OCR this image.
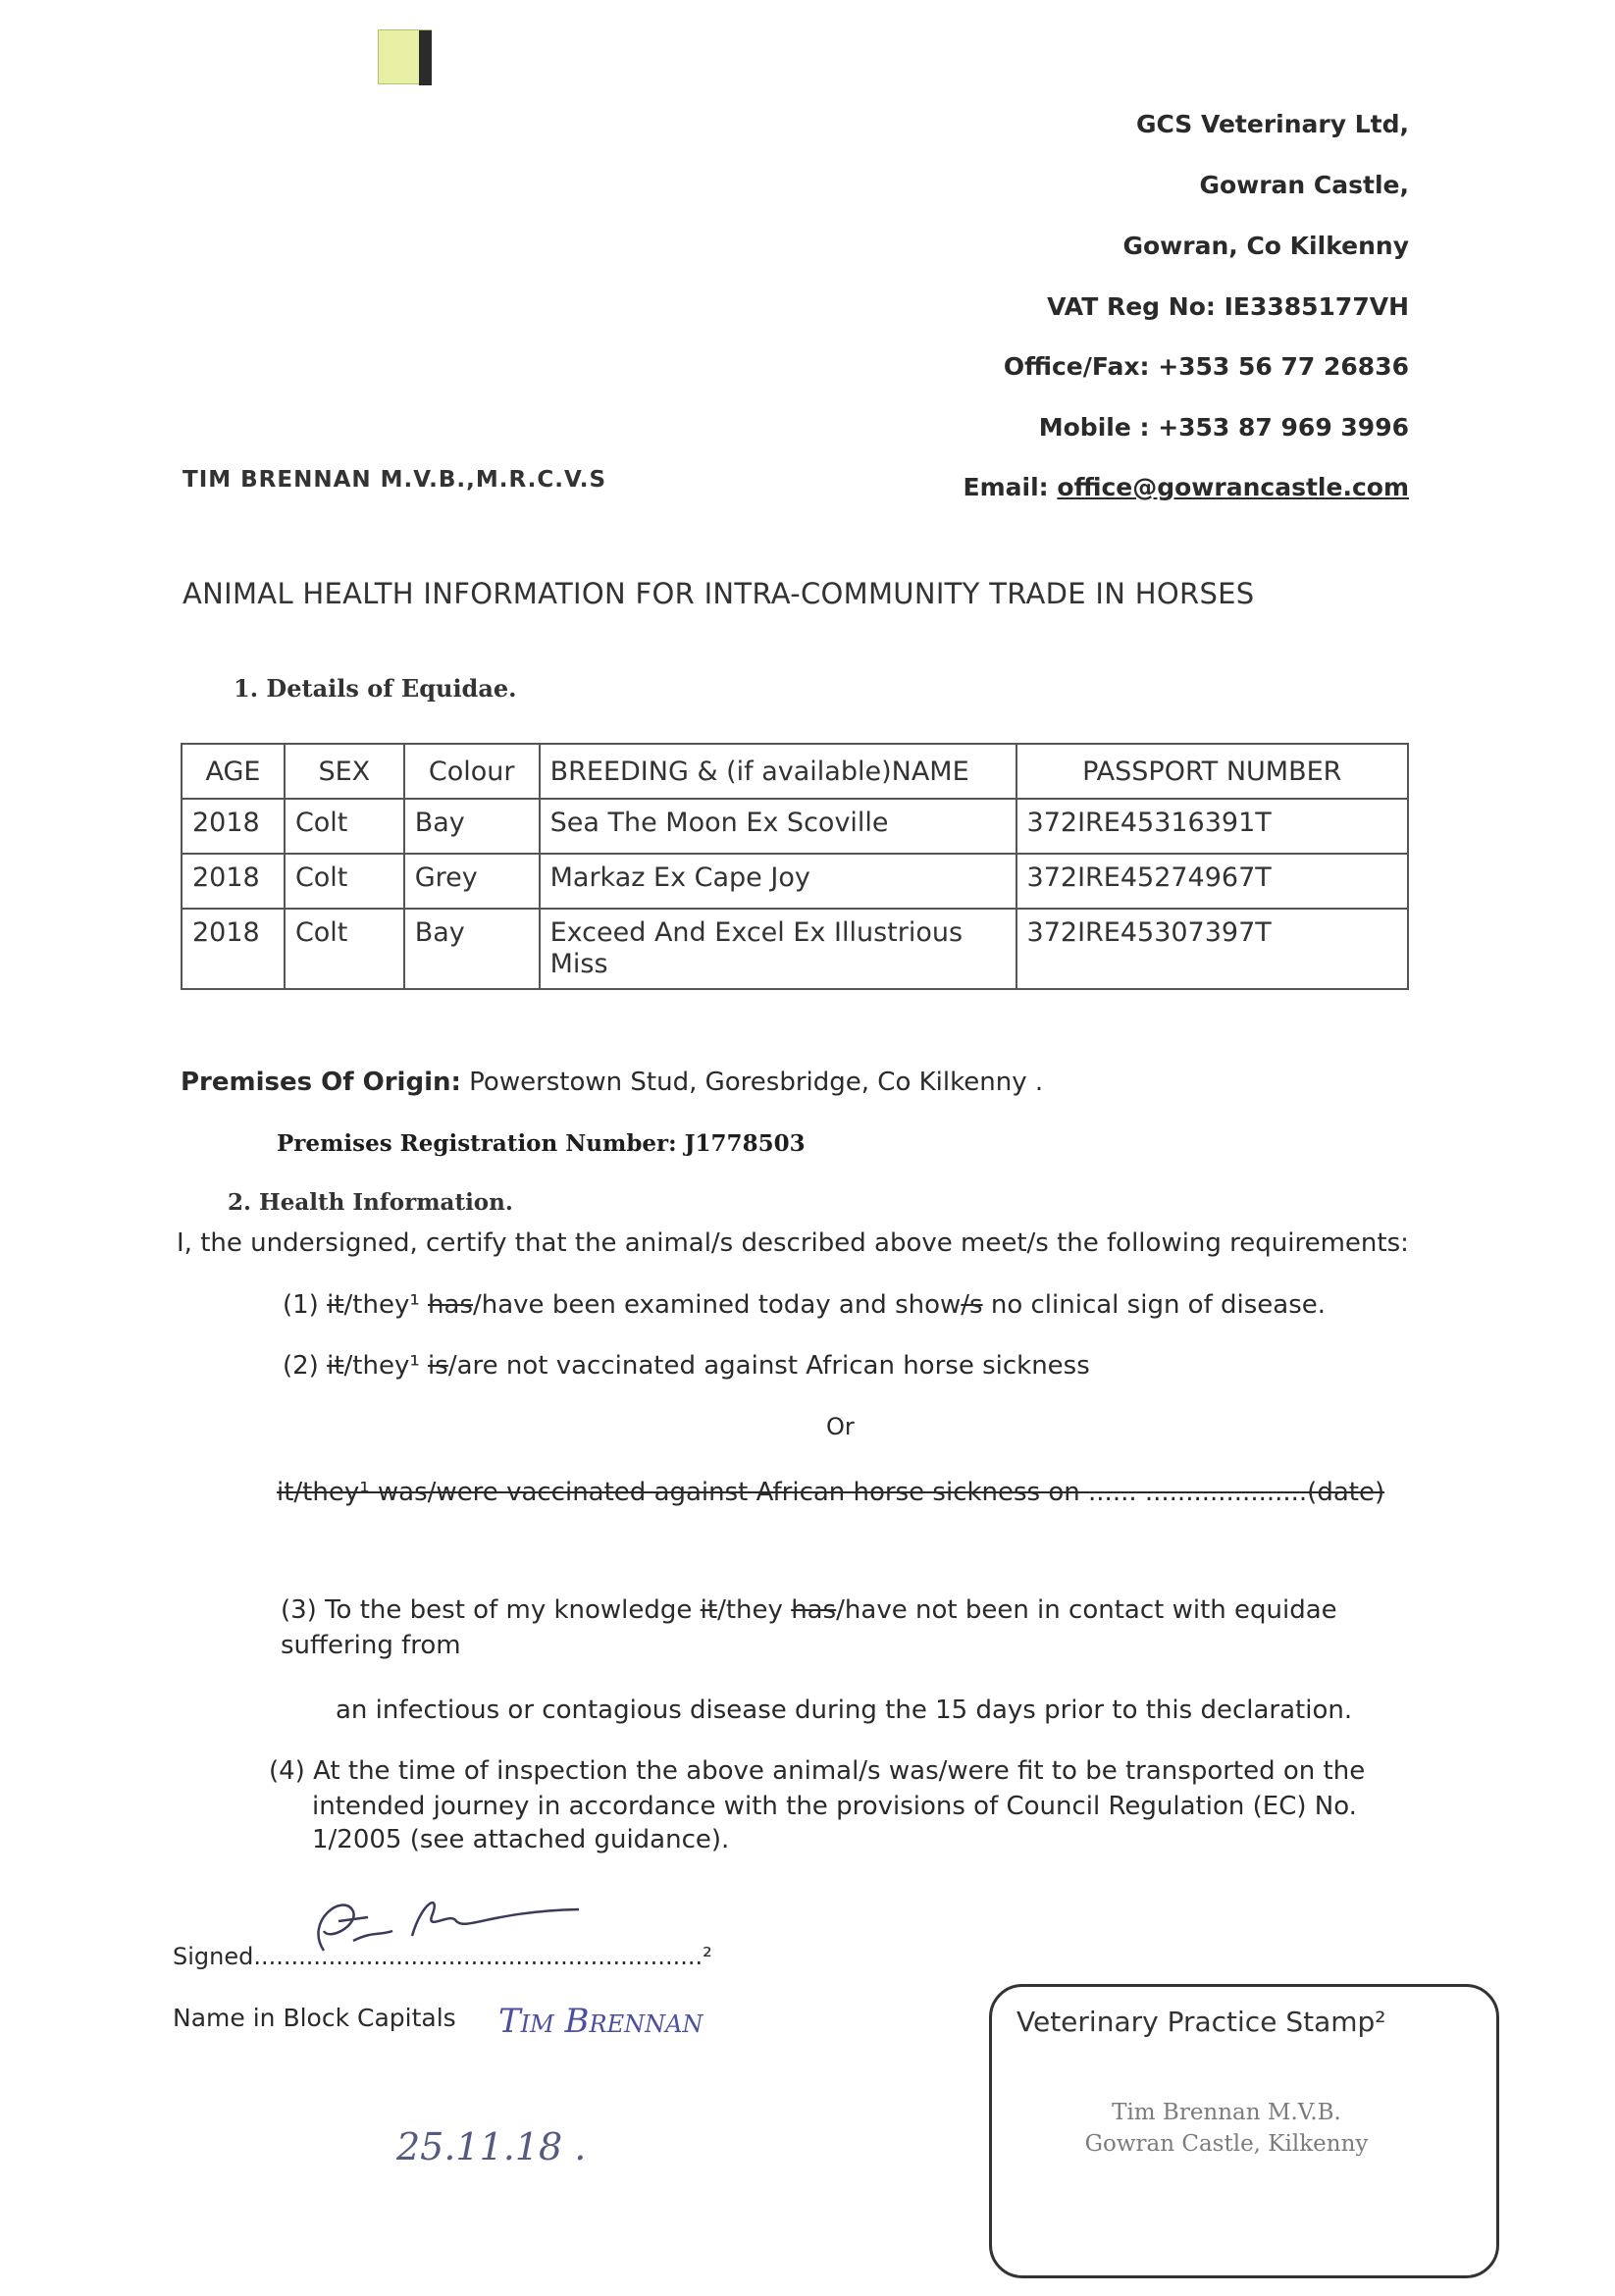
GCS Veterinary Ltd,
Gowran Castle,
Gowran, Co Kilkenny
VAT Reg No: IE3385177VH
Office/Fax: +353 56 77 26836
Mobile : +353 87 969 3996
Email: office@gowrancastle.com
TIM BRENNAN M.V.B.,M.R.C.V.S
ANIMAL HEALTH INFORMATION FOR INTRA-COMMUNITY TRADE IN HORSES
1. Details of Equidae.
AGE	SEX	Colour	BREEDING & (if available)NAME	PASSPORT NUMBER
2018	Colt	Bay	Sea The Moon Ex Scoville	372IRE45316391T
2018	Colt	Grey	Markaz Ex Cape Joy	372IRE45274967T
2018	Colt	Bay	Exceed And Excel Ex Illustrious Miss	372IRE45307397T
Premises Of Origin: Powerstown Stud, Goresbridge, Co Kilkenny .
Premises Registration Number: J1778503
2. Health Information.
I, the undersigned, certify that the animal/s described above meet/s the following requirements:
(1) it/they¹ has/have been examined today and show/s no clinical sign of disease.
(2) it/they¹ is/are not vaccinated against African horse sickness
Or
it/they¹ was/were vaccinated against African horse sickness on ...... ....................(date)
(3) To the best of my knowledge it/they has/have not been in contact with equidae
suffering from
an infectious or contagious disease during the 15 days prior to this declaration.
(4) At the time of inspection the above animal/s was/were fit to be transported on the
intended journey in accordance with the provisions of Council Regulation (EC) No.
1/2005 (see attached guidance).
Signed............................................................²
Name in Block Capitals Tim Brennan
25.11.18 .
Veterinary Practice Stamp²
Tim Brennan M.V.B.
Gowran Castle, Kilkenny
